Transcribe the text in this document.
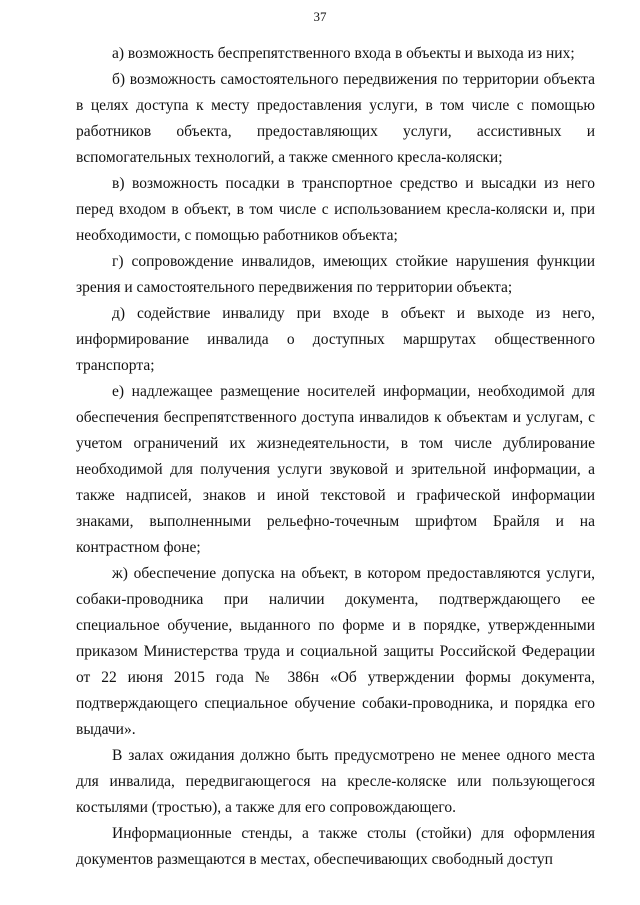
37

а) возможность беспрепятственного входа в объекты и выхода из них;

б) возможность самостоятельного передвижения по территории объекта в целях доступа к месту предоставления услуги, в том числе с помощью работников объекта, предоставляющих услуги, ассистивных и вспомогательных технологий, а также сменного кресла-коляски;

в) возможность посадки в транспортное средство и высадки из него перед входом в объект, в том числе с использованием кресла-коляски и, при необходимости, с помощью работников объекта;

г) сопровождение инвалидов, имеющих стойкие нарушения функции зрения и самостоятельного передвижения по территории объекта;

д) содействие инвалиду при входе в объект и выходе из него, информирование инвалида о доступных маршрутах общественного транспорта;

е) надлежащее размещение носителей информации, необходимой для обеспечения беспрепятственного доступа инвалидов к объектам и услугам, с учетом ограничений их жизнедеятельности, в том числе дублирование необходимой для получения услуги звуковой и зрительной информации, а также надписей, знаков и иной текстовой и графической информации знаками, выполненными рельефно-точечным шрифтом Брайля и на контрастном фоне;

ж) обеспечение допуска на объект, в котором предоставляются услуги, собаки-проводника при наличии документа, подтверждающего ее специальное обучение, выданного по форме и в порядке, утвержденными приказом Министерства труда и социальной защиты Российской Федерации от 22 июня 2015 года № 386н «Об утверждении формы документа, подтверждающего специальное обучение собаки-проводника, и порядка его выдачи».

В залах ожидания должно быть предусмотрено не менее одного места для инвалида, передвигающегося на кресле-коляске или пользующегося костылями (тростью), а также для его сопровождающего.

Информационные стенды, а также столы (стойки) для оформления документов размещаются в местах, обеспечивающих свободный доступ
